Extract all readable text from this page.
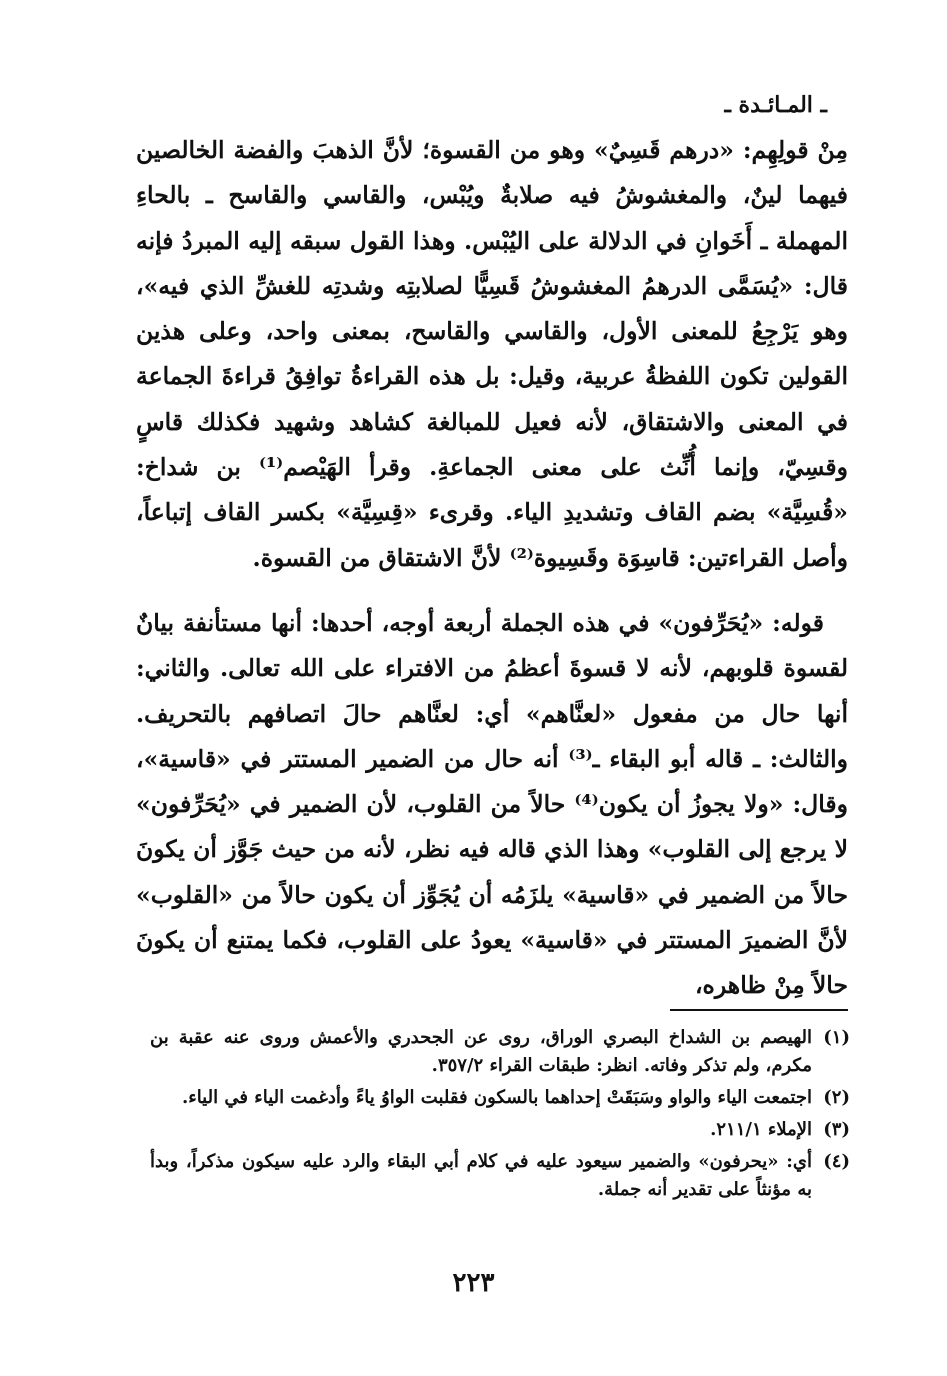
ـ المـائـدة ـ

مِنْ قولِهِم: «درهم قَسِيٌ» وهو من القسوة؛ لأنَّ الذهبَ والفضة الخالصين فيهما لينٌ، والمغشوشُ فيه صلابةٌ ويُبْس، والقاسي والقاسح ـ بالحاءِ المهملة ـ أَخَوانِ في الدلالة على اليُبْس. وهذا القول سبقه إليه المبردُ فإنه قال: «يُسَمَّى الدرهمُ المغشوشُ قَسِيًّا لصلابتِه وشدتِه للغشِّ الذي فيه»، وهو يَرْجِعُ للمعنى الأول، والقاسي والقاسح، بمعنى واحد، وعلى هذين القولين تكون اللفظةُ عربية، وقيل: بل هذه القراءةُ توافِقُ قراءةَ الجماعة في المعنى والاشتقاق، لأنه فعيل للمبالغة كشاهد وشهيد فكذلك قاسٍ وقسِيّ، وإنما أُنِّث على معنى الجماعةِ. وقرأ الهَيْصم⁽¹⁾ بن شداخ: «قُسِيَّة» بضم القاف وتشديدِ الياء. وقرىء «قِسِيَّة» بكسر القاف إتباعاً، وأصل القراءتين: قاسِوَة وقَسِيوة⁽²⁾ لأنَّ الاشتقاق من القسوة.

قوله: «يُحَرِّفون» في هذه الجملة أربعة أوجه، أحدها: أنها مستأنفة بيانٌ لقسوة قلوبهم، لأنه لا قسوةَ أعظمُ من الافتراء على الله تعالى. والثاني: أنها حال من مفعول «لعنَّاهم» أي: لعنَّاهم حالَ اتصافهم بالتحريف. والثالث: ـ قاله أبو البقاء ـ⁽³⁾ أنه حال من الضمير المستتر في «قاسية»، وقال: «ولا يجوزُ أن يكون⁽⁴⁾ حالاً من القلوب، لأن الضمير في «يُحَرِّفون» لا يرجع إلى القلوب» وهذا الذي قاله فيه نظر، لأنه من حيث جَوَّز أن يكونَ حالاً من الضمير في «قاسية» يلزَمُه أن يُجَوِّز أن يكون حالاً من «القلوب» لأنَّ الضميرَ المستتر في «قاسية» يعودُ على القلوب، فكما يمتنع أن يكونَ حالاً مِنْ ظاهره،

(١)
الهيصم بن الشداخ البصري الوراق، روى عن الجحدري والأعمش وروى عنه عقبة بن مكرم، ولم تذكر وفاته. انظر: طبقات القراء ٣٥٧/٢.
(٢)
اجتمعت الياء والواو وسَبَقَتْ إحداهما بالسكون فقلبت الواوُ ياءً وأدغمت الياء في الياء.
(٣)
الإملاء ٢١١/١.
(٤)
أي: «يحرفون» والضمير سيعود عليه في كلام أبي البقاء والرد عليه سيكون مذكراً، وبدأ به مؤنثاً على تقدير أنه جملة.
٢٢٣
